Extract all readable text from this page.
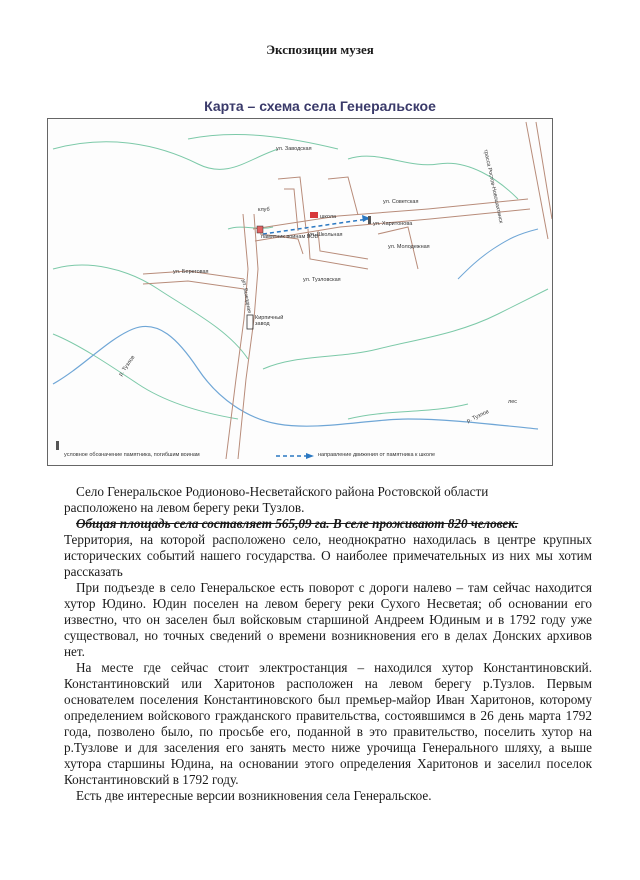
Экспозиции музея
Карта – схема села Генеральское
трасса Ростов-Новошахтинск
ул. Заводская
клуб
школа
ул. Советская
ул. Харитонова
памятник воинам ВОВ
ул. Школьная
ул. Молодежная
ул. Тузловская
ул. Береговая
ул. Выездная
Кирпичный завод
р. Тузлов
р. Тузлов
лес
условное обозначение памятника, погибшим воинам	направление движения от памятника к школе

Село Генеральское Родионово-Несветайского района Ростовской области

расположено на левом берегу реки Тузлов.

Общая площадь села составляет 565,09 га. В селе проживают 820 человек.

Территория, на которой расположено село, неоднократно находилась в центре крупных исторических событий нашего государства. О наиболее примечательных из них мы хотим рассказать

При подъезде в село Генеральское есть поворот с дороги налево – там сейчас находится хутор Юдино. Юдин поселен на левом берегу реки Сухого Несветая; об основании его известно, что он заселен был войсковым старшиной Андреем Юдиным и в 1792 году уже существовал, но точных сведений о времени возникновения его в делах Донских архивов нет.

На месте где сейчас стоит электростанция – находился хутор Константиновский. Константиновский или Харитонов расположен на левом берегу р.Тузлов. Первым основателем поселения Константиновского был премьер-майор Иван Харитонов, которому определением войскового гражданского правительства, состоявшимся в 26 день марта 1792 года, позволено было, по просьбе его, поданной в это правительство, поселить хутор на р.Тузлове и для заселения его занять место ниже урочища Генерального шляху, а выше хутора старшины Юдина, на основании этого определения Харитонов и заселил поселок Константиновский в 1792 году.

Есть две интересные версии возникновения села Генеральское.
